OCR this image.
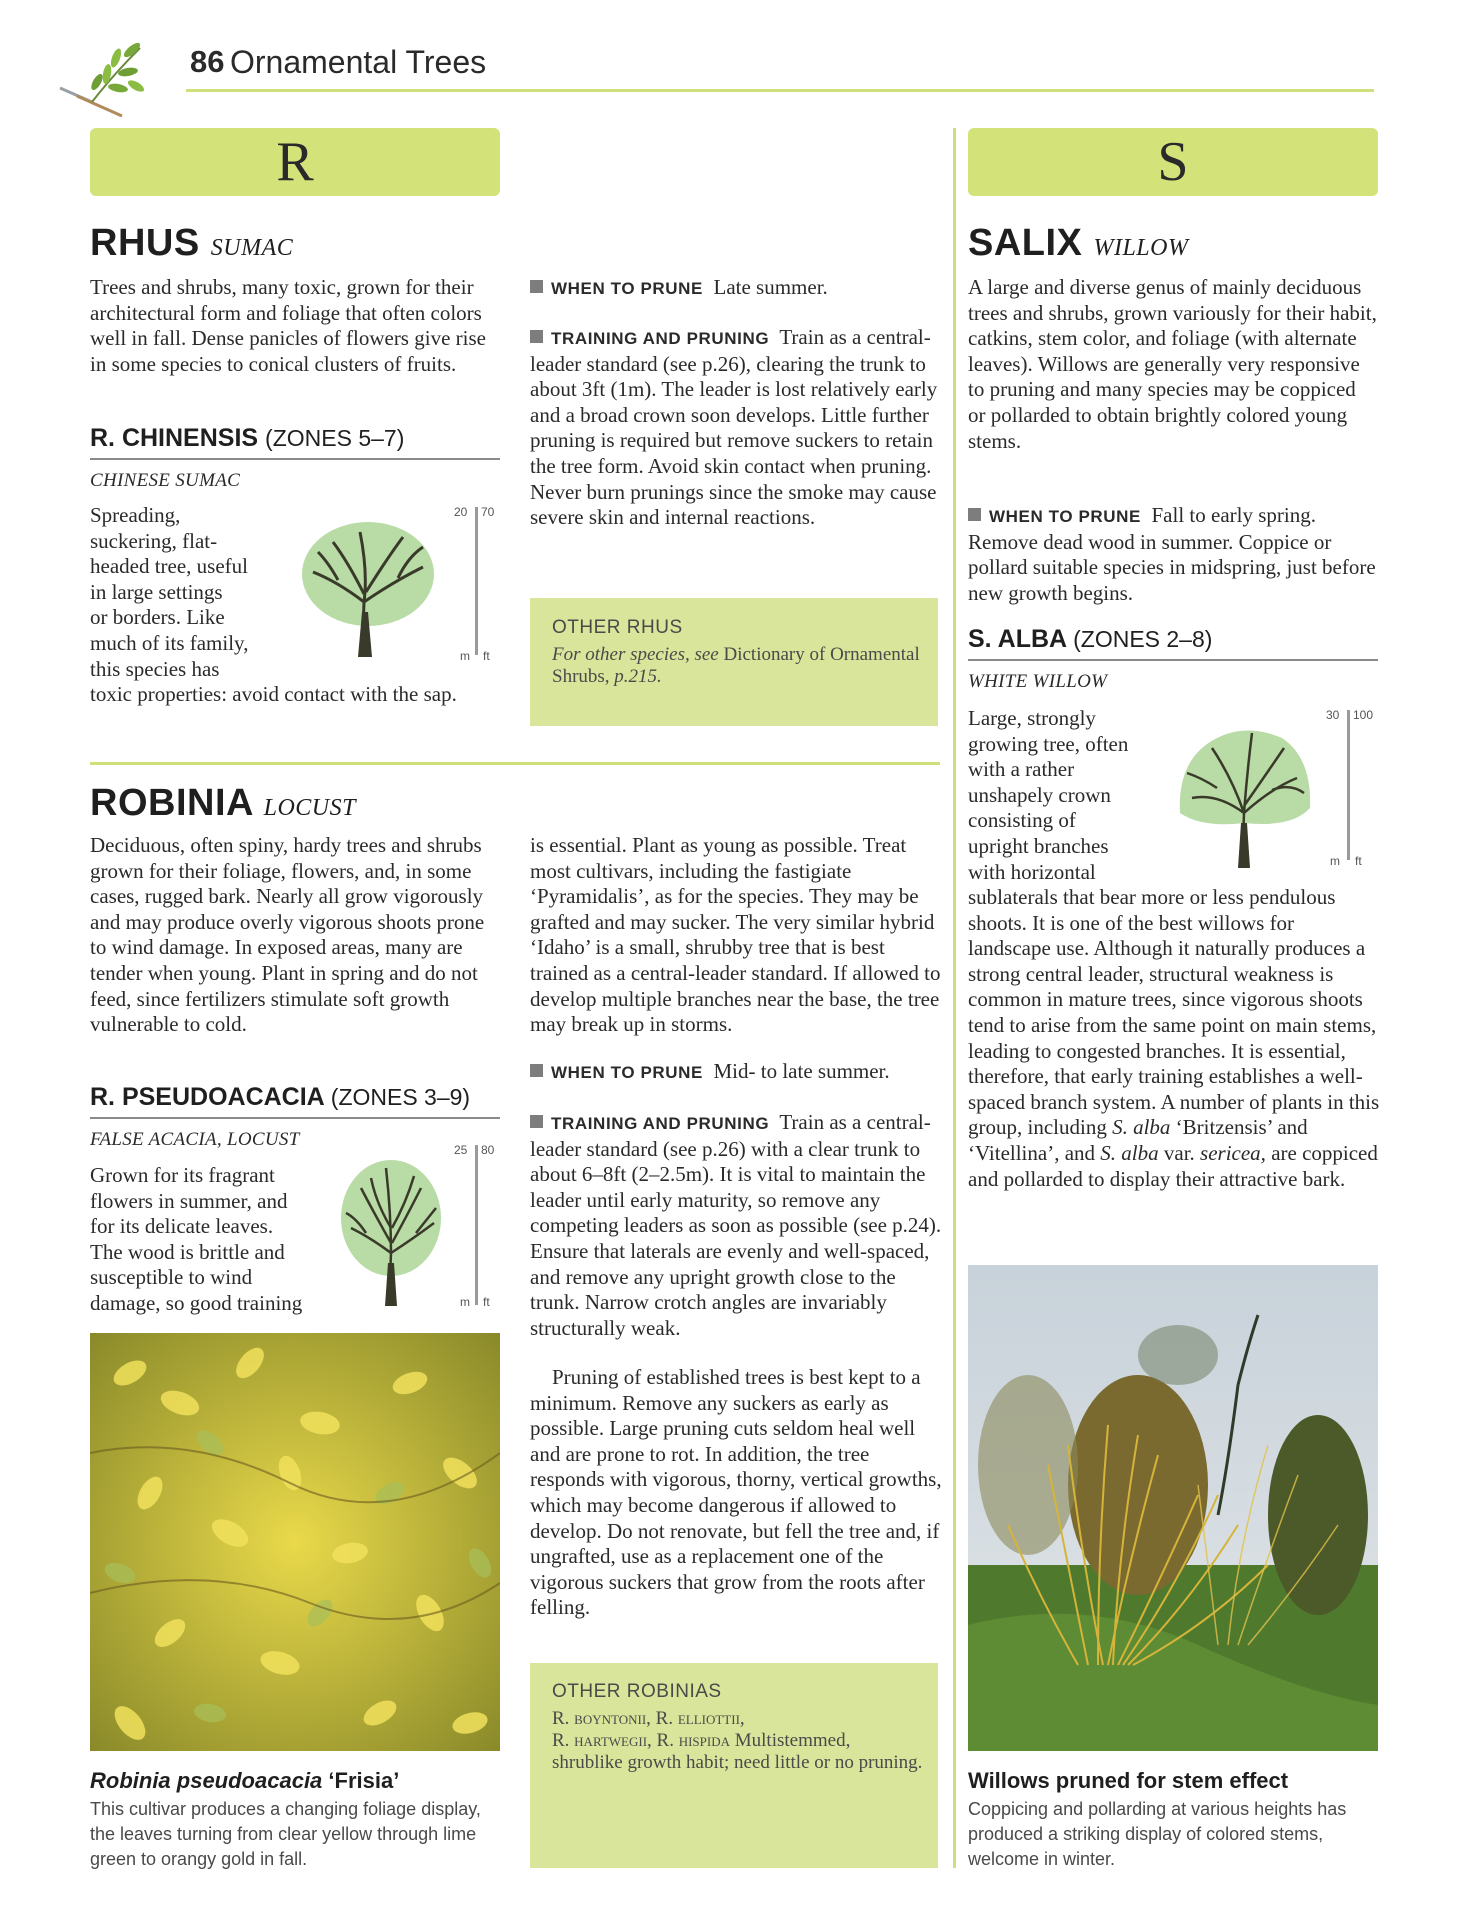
86 Ornamental Trees
R	S
RHUS SUMAC
Trees and shrubs, many toxic, grown for their architectural form and foliage that often colors well in fall. Dense panicles of flowers give rise in some species to conical clusters of fruits.
R. CHINENSIS (ZONES 5–7)
CHINESE SUMAC

Spreading,

suckering, flat-

headed tree, useful

in large settings

or borders. Like

much of its family,

this species has

toxic properties: avoid contact with the sap.
20 70
m ft
WHEN TO PRUNE Late summer.
TRAINING AND PRUNING Train as a central-leader standard (see p.26), clearing the trunk to about 3ft (1m). The leader is lost relatively early and a broad crown soon develops. Little further pruning is required but remove suckers to retain the tree form. Avoid skin contact when pruning. Never burn prunings since the smoke may cause severe skin and internal reactions.
OTHER RHUS
For other species, see Dictionary of Ornamental Shrubs, p.215.
ROBINIA LOCUST
Deciduous, often spiny, hardy trees and shrubs grown for their foliage, flowers, and, in some cases, rugged bark. Nearly all grow vigorously and may produce overly vigorous shoots prone to wind damage. In exposed areas, many are tender when young. Plant in spring and do not feed, since fertilizers stimulate soft growth vulnerable to cold.
R. PSEUDOACACIA (ZONES 3–9)
FALSE ACACIA, LOCUST

Grown for its fragrant

flowers in summer, and

for its delicate leaves.

The wood is brittle and

susceptible to wind

damage, so good training

25 80
m ft
Robinia pseudoacacia ‘Frisia’
This cultivar produces a changing foliage display, the leaves turning from clear yellow through lime green to orangy gold in fall.
is essential. Plant as young as possible. Treat most cultivars, including the fastigiate ‘Pyramidalis’, as for the species. They may be grafted and may sucker. The very similar hybrid ‘Idaho’ is a small, shrubby tree that is best trained as a central-leader standard. If allowed to develop multiple branches near the base, the tree may break up in storms.
WHEN TO PRUNE Mid- to late summer.
TRAINING AND PRUNING Train as a central-leader standard (see p.26) with a clear trunk to about 6–8ft (2–2.5m). It is vital to maintain the leader until early maturity, so remove any competing leaders as soon as possible (see p.24). Ensure that laterals are evenly and well-spaced, and remove any upright growth close to the trunk. Narrow crotch angles are invariably structurally weak.
Pruning of established trees is best kept to a minimum. Remove any suckers as early as possible. Large pruning cuts seldom heal well and are prone to rot. In addition, the tree responds with vigorous, thorny, vertical growths, which may become dangerous if allowed to develop. Do not renovate, but fell the tree and, if ungrafted, use as a replacement one of the vigorous suckers that grow from the roots after felling.
OTHER ROBINIAS
R. boyntonii, R. elliottii,
R. hartwegii, R. hispida Multistemmed,
shrublike growth habit; need little or no pruning.
SALIX WILLOW
A large and diverse genus of mainly deciduous trees and shrubs, grown variously for their habit, catkins, stem color, and foliage (with alternate leaves). Willows are generally very responsive to pruning and many species may be coppiced or pollarded to obtain brightly colored young stems.
WHEN TO PRUNE Fall to early spring. Remove dead wood in summer. Coppice or pollard suitable species in midspring, just before new growth begins.
S. ALBA (ZONES 2–8)
WHITE WILLOW

Large, strongly

growing tree, often

with a rather

unshapely crown

consisting of

upright branches

with horizontal

sublaterals that bear more or less pendulous shoots. It is one of the best willows for landscape use. Although it naturally produces a strong central leader, structural weakness is common in mature trees, since vigorous shoots tend to arise from the same point on main stems, leading to congested branches. It is essential, therefore, that early training establishes a well-spaced branch system. A number of plants in this group, including S. alba ‘Britzensis’ and ‘Vitellina’, and S. alba var. sericea, are coppiced and pollarded to display their attractive bark.
30 100
m ft
Willows pruned for stem effect
Coppicing and pollarding at various heights has produced a striking display of colored stems, welcome in winter.
